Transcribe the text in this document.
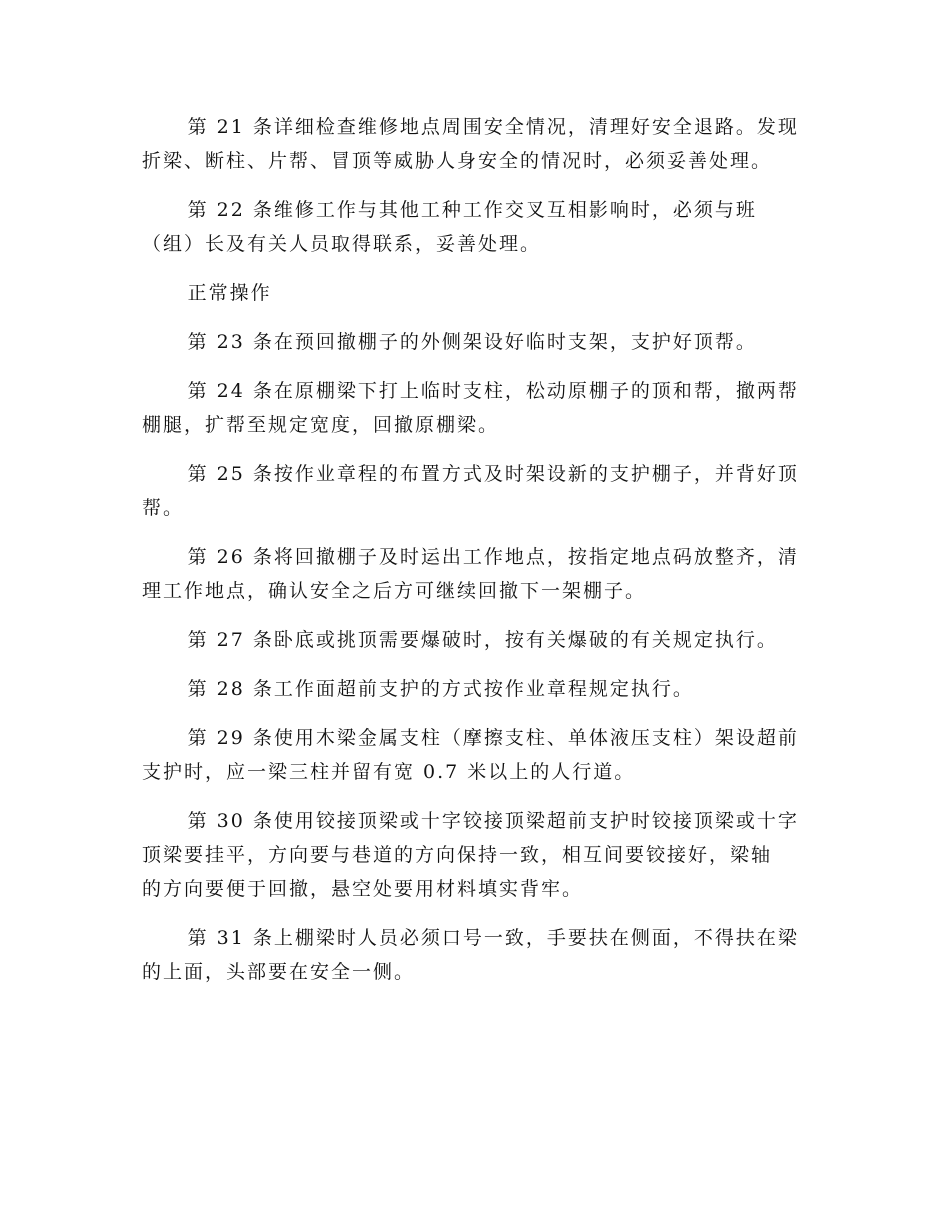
第 21 条详细检查维修地点周围安全情况，清理好安全退路。发现
折梁、断柱、片帮、冒顶等威胁人身安全的情况时，必须妥善处理。

第 22 条维修工作与其他工种工作交叉互相影响时，必须与班
（组）长及有关人员取得联系，妥善处理。

正常操作

第 23 条在预回撤棚子的外侧架设好临时支架，支护好顶帮。

第 24 条在原棚梁下打上临时支柱，松动原棚子的顶和帮，撤两帮
棚腿，扩帮至规定宽度，回撤原棚梁。

第 25 条按作业章程的布置方式及时架设新的支护棚子，并背好顶
帮。

第 26 条将回撤棚子及时运出工作地点，按指定地点码放整齐，清
理工作地点，确认安全之后方可继续回撤下一架棚子。

第 27 条卧底或挑顶需要爆破时，按有关爆破的有关规定执行。

第 28 条工作面超前支护的方式按作业章程规定执行。

第 29 条使用木梁金属支柱（摩擦支柱、单体液压支柱）架设超前
支护时，应一梁三柱并留有宽 0.7 米以上的人行道。

第 30 条使用铰接顶梁或十字铰接顶梁超前支护时铰接顶梁或十字
顶梁要挂平，方向要与巷道的方向保持一致，相互间要铰接好，梁轴
的方向要便于回撤，悬空处要用材料填实背牢。

第 31 条上棚梁时人员必须口号一致，手要扶在侧面，不得扶在梁
的上面，头部要在安全一侧。
